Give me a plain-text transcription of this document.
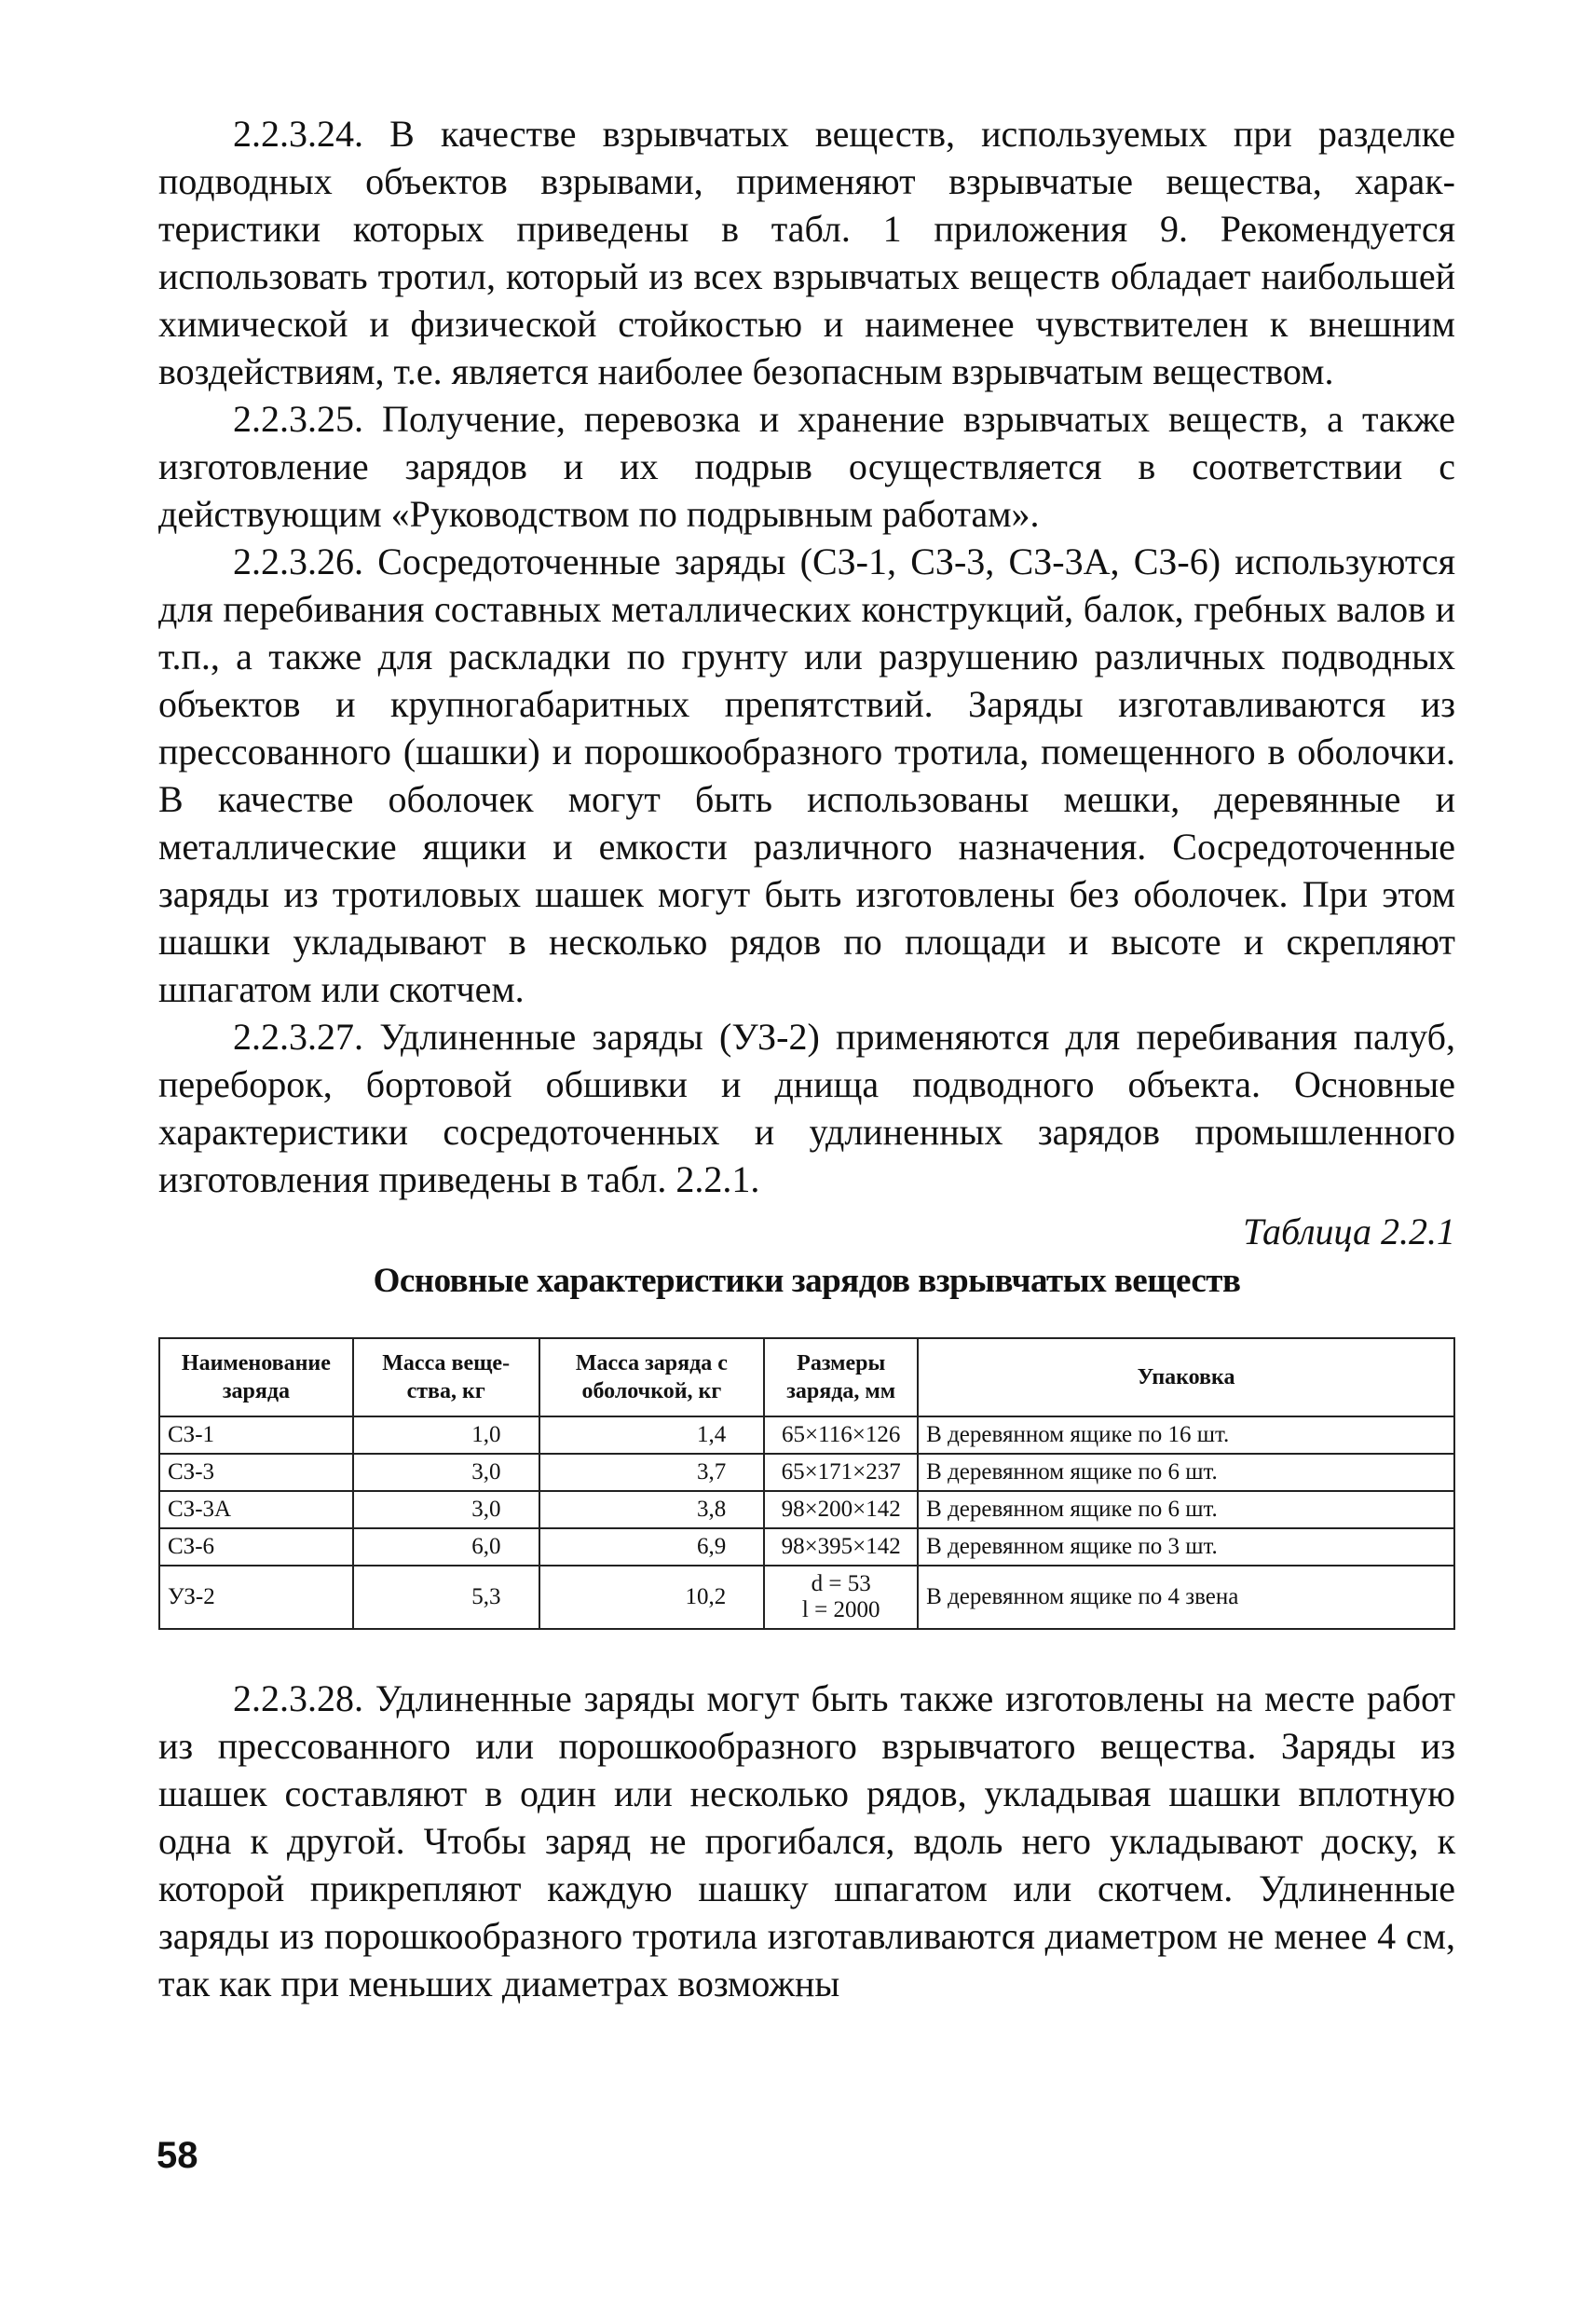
2.2.3.24. В качестве взрывчатых веществ, используемых при разделке подводных объектов взрывами, применяют взрывчатые вещества, характеристики которых приведены в табл. 1 приложения 9. Рекомендуется использовать тротил, который из всех взрывчатых веществ обладает наибольшей химической и физической стойкостью и наименее чувствителен к внешним воздействиям, т.е. является наиболее безопасным взрывчатым веществом.

2.2.3.25. Получение, перевозка и хранение взрывчатых веществ, а также изготовление зарядов и их подрыв осуществляется в соответствии с действующим «Руководством по подрывным работам».

2.2.3.26. Сосредоточенные заряды (СЗ-1, СЗ-3, СЗ-3А, СЗ-6) используются для перебивания составных металлических конструкций, балок, гребных валов и т.п., а также для раскладки по грунту или разрушению различных подводных объектов и крупногабаритных препятствий. Заряды изготавливаются из прессованного (шашки) и порошкообразного тротила, помещенного в оболочки. В качестве оболочек могут быть использованы мешки, деревянные и металлические ящики и емкости различного назначения. Сосредоточенные заряды из тротиловых шашек могут быть изготовлены без оболочек. При этом шашки укладывают в несколько рядов по площади и высоте и скрепляют шпагатом или скотчем.

2.2.3.27. Удлиненные заряды (УЗ-2) применяются для перебивания палуб, переборок, бортовой обшивки и днища подводного объекта. Основные характеристики сосредоточенных и удлиненных зарядов промышленного изготовления приведены в табл. 2.2.1.

Таблица 2.2.1

Основные характеристики зарядов взрывчатых веществ

Наименование заряда	Масса вещества, кг	Масса заряда с оболочкой, кг	Размеры заряда, мм	Упаковка
СЗ-1	1,0	1,4	65×116×126	В деревянном ящике по 16 шт.
СЗ-3	3,0	3,7	65×171×237	В деревянном ящике по 6 шт.
СЗ-3А	3,0	3,8	98×200×142	В деревянном ящике по 6 шт.
СЗ-6	6,0	6,9	98×395×142	В деревянном ящике по 3 шт.
УЗ-2	5,3	10,2	d = 53
l = 2000	В деревянном ящике по 4 звена

2.2.3.28. Удлиненные заряды могут быть также изготовлены на месте работ из прессованного или порошкообразного взрывчатого вещества. Заряды из шашек составляют в один или несколько рядов, укладывая шашки вплотную одна к другой. Чтобы заряд не прогибался, вдоль него укладывают доску, к которой прикрепляют каждую шашку шпагатом или скотчем. Удлиненные заряды из порошкообразного тротила изготавливаются диаметром не менее 4 см, так как при меньших диаметрах возможны

58
